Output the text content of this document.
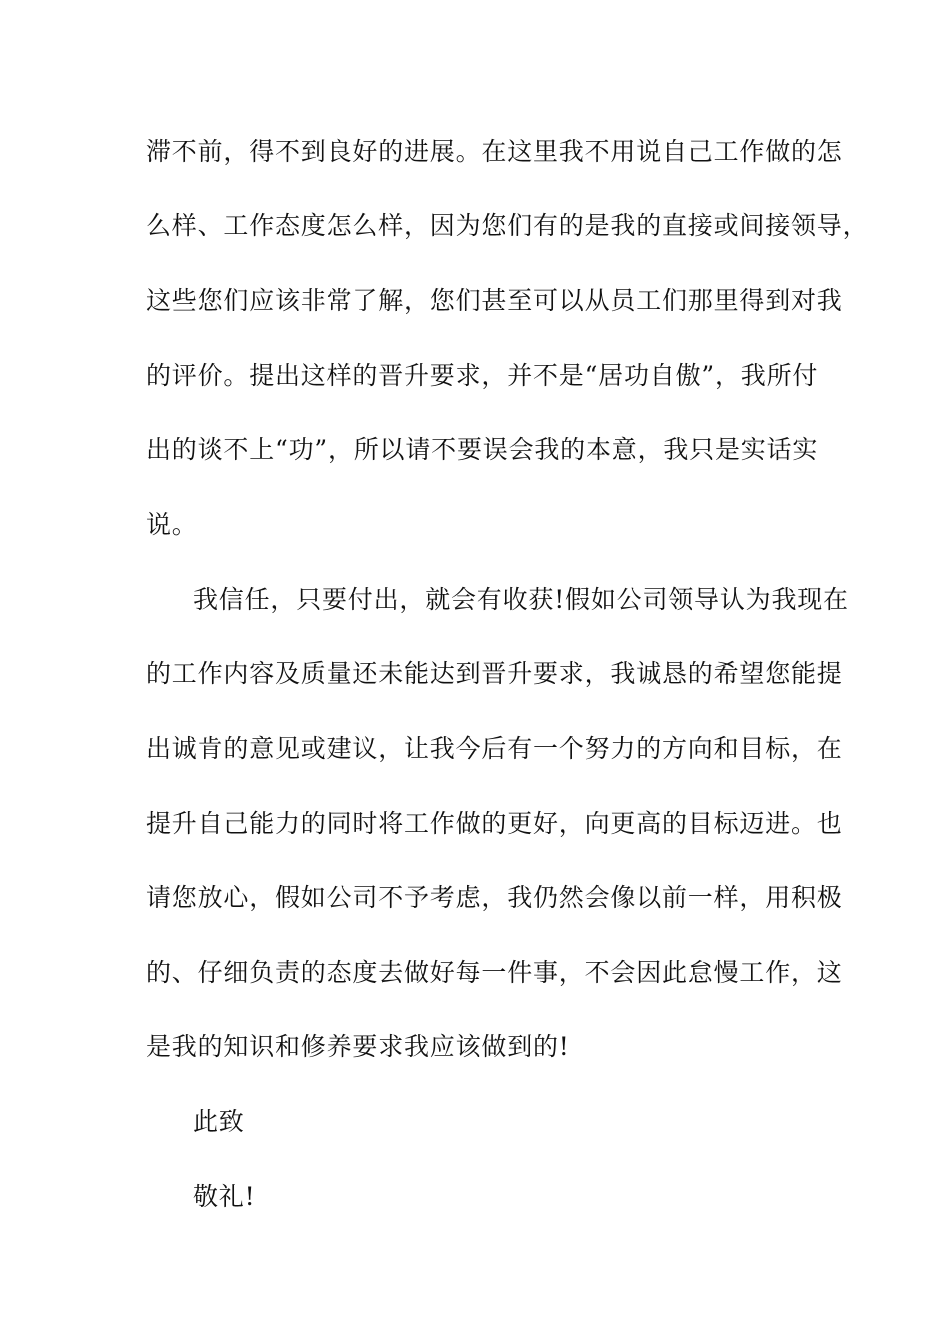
滞不前，得不到良好的进展。在这里我不用说自己工作做的怎
么样、工作态度怎么样，因为您们有的是我的直接或间接领导，
这些您们应该非常了解，您们甚至可以从员工们那里得到对我
的评价。提出这样的晋升要求，并不是“居功自傲”，我所付
出的谈不上“功”，所以请不要误会我的本意，我只是实话实
说。
我信任，只要付出，就会有收获!假如公司领导认为我现在
的工作内容及质量还未能达到晋升要求，我诚恳的希望您能提
出诚肯的意见或建议，让我今后有一个努力的方向和目标，在
提升自己能力的同时将工作做的更好，向更高的目标迈进。也
请您放心，假如公司不予考虑，我仍然会像以前一样，用积极
的、仔细负责的态度去做好每一件事，不会因此怠慢工作，这
是我的知识和修养要求我应该做到的!
此致
敬礼!
